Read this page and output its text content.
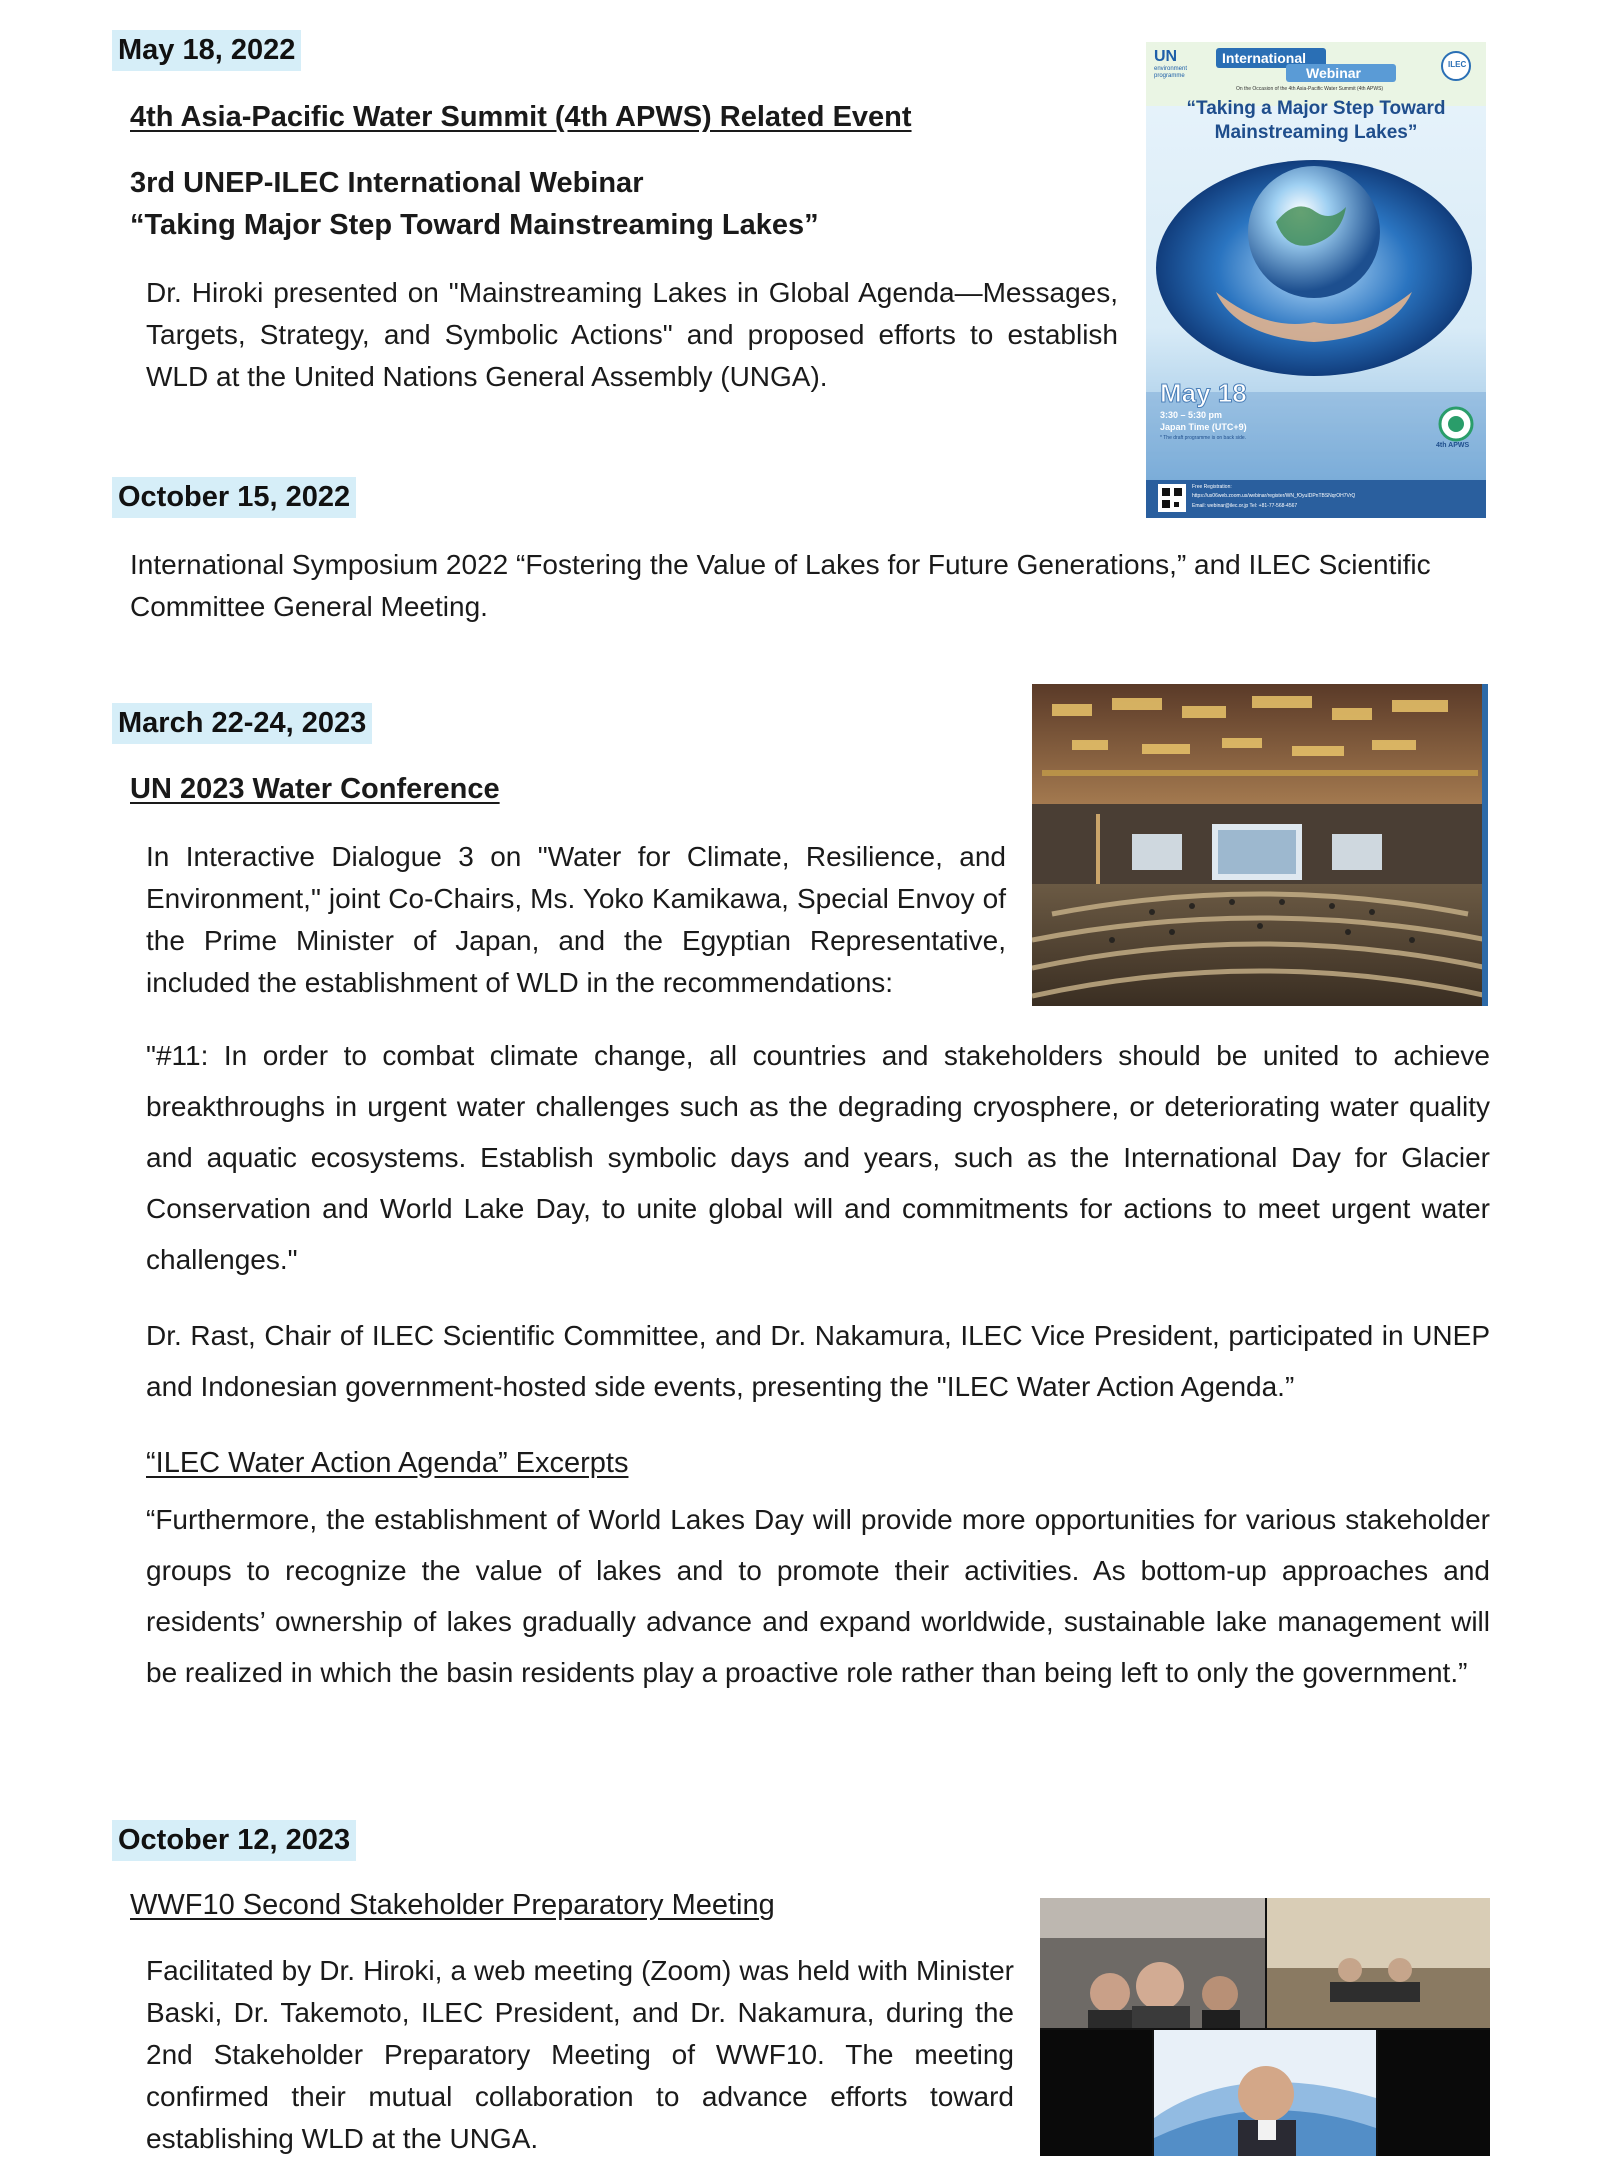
May 18, 2022
4th Asia-Pacific Water Summit (4th APWS) Related Event
3rd UNEP-ILEC International Webinar
“Taking Major Step Toward Mainstreaming Lakes”
Dr. Hiroki presented on "Mainstreaming Lakes in Global Agenda—Messages, Targets, Strategy, and Symbolic Actions" and proposed efforts to establish WLD at the United Nations General Assembly (UNGA).
UN
environment programme
International
Webinar
ILEC
On the Occasion of the 4th Asia-Pacific Water Summit (4th APWS)
“Taking a Major Step Toward
Mainstreaming Lakes”
May 18
3:30 – 5:30 pm
Japan Time (UTC+9)
* The draft programme is on back side.
4th APWS
Free Registration:
https://us06web.zoom.us/webinar/register/WN_fOyuIDPnTBSNqrOH7VrQ
Email: webinar@ilec.or.jp Tel: +81-77-568-4567
October 15, 2022
International Symposium 2022 “Fostering the Value of Lakes for Future Generations,” and ILEC Scientific Committee General Meeting.
March 22-24, 2023
UN 2023 Water Conference
In Interactive Dialogue 3 on "Water for Climate, Resilience, and Environment," joint Co-Chairs, Ms. Yoko Kamikawa, Special Envoy of the Prime Minister of Japan, and the Egyptian Representative, included the establishment of WLD in the recommendations:
"#11: In order to combat climate change, all countries and stakeholders should be united to achieve breakthroughs in urgent water challenges such as the degrading cryosphere, or deteriorating water quality and aquatic ecosystems. Establish symbolic days and years, such as the International Day for Glacier Conservation and World Lake Day, to unite global will and commitments for actions to meet urgent water challenges."
Dr. Rast, Chair of ILEC Scientific Committee, and Dr. Nakamura, ILEC Vice President, participated in UNEP and Indonesian government-hosted side events, presenting the "ILEC Water Action Agenda.”
“ILEC Water Action Agenda” Excerpts
“Furthermore, the establishment of World Lakes Day will provide more opportunities for various stakeholder groups to recognize the value of lakes and to promote their activities. As bottom-up approaches and residents’ ownership of lakes gradually advance and expand worldwide, sustainable lake management will be realized in which the basin residents play a proactive role rather than being left to only the government.”
October 12, 2023
WWF10 Second Stakeholder Preparatory Meeting
Facilitated by Dr. Hiroki, a web meeting (Zoom) was held with Minister Baski, Dr. Takemoto, ILEC President, and Dr. Nakamura, during the 2nd Stakeholder Preparatory Meeting of WWF10. The meeting confirmed their mutual collaboration to advance efforts toward establishing WLD at the UNGA.
